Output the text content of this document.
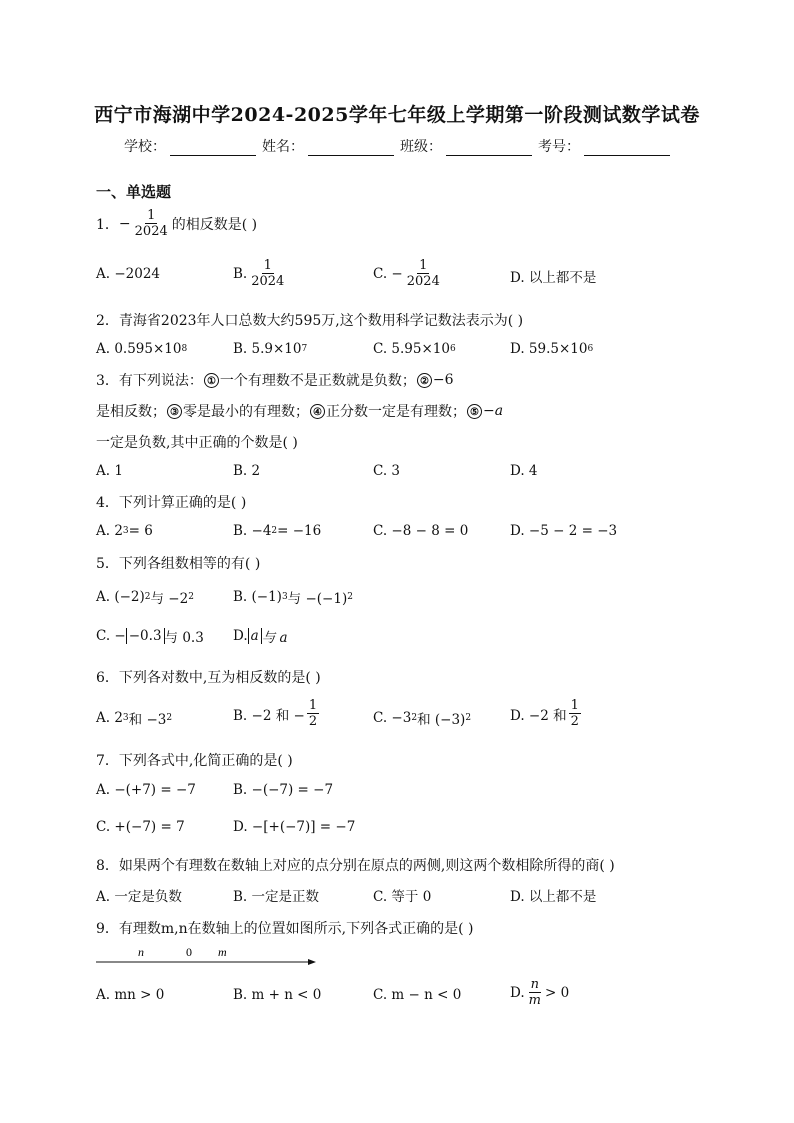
西宁市海湖中学2024-2025学年七年级上学期第一阶段测试数学试卷
学校：	姓名：	班级：	考号：
一、单选题
1． − $\frac{1}{2024}$ 的相反数是( )
A. −2024	B. $\frac{1}{2024}$	C. − $\frac{1}{2024}$	D. 以上都不是
2．青海省2023年人口总数大约595万,这个数用科学记数法表示为( )
A. 0.595×10 8	B. 5.9×10 7	C. 5.95×10 6	D. 59.5×10 6
3．有下列说法： ① 一个有理数不是正数就是负数； ② −6
是相反数； ③ 零是最小的有理数； ④ 正分数一定是有理数； ⑤ −a
一定是负数,其中正确的个数是( )
A. 1	B. 2	C. 3	D. 4
4．下列计算正确的是( )
A. 2 3 = 6	B. −4 2 = −16	C. −8 − 8 = 0	D. −5 − 2 = −3
5．下列各组数相等的有( )
A. (−2) 2 与 −2 2	B. (−1) 3 与 −(−1) 2
C. − −0.3 与 0.3 D. a 与 a
6．下列各对数中,互为相反数的是( )
A. 2 3 和 −3 2	B. −2 和 − $\frac{1}{2}$	C. −3 2 和 (−3) 2	D. −2 和 $\frac{1}{2}$
7．下列各式中,化简正确的是( )
A. −(+7) = −7	B. −(−7) = −7
C. +(−7) = 7	D. −[+(−7)] = −7
8．如果两个有理数在数轴上对应的点分别在原点的两侧,则这两个数相除所得的商( )
A. 一定是负数	B. 一定是正数	C. 等于 0	D. 以上都不是
9．有理数m,n在数轴上的位置如图所示,下列各式正确的是( )
n	0 m
A. mn > 0	B. m + n < 0	C. m − n < 0	D. $\frac{n}{m} > 0$
